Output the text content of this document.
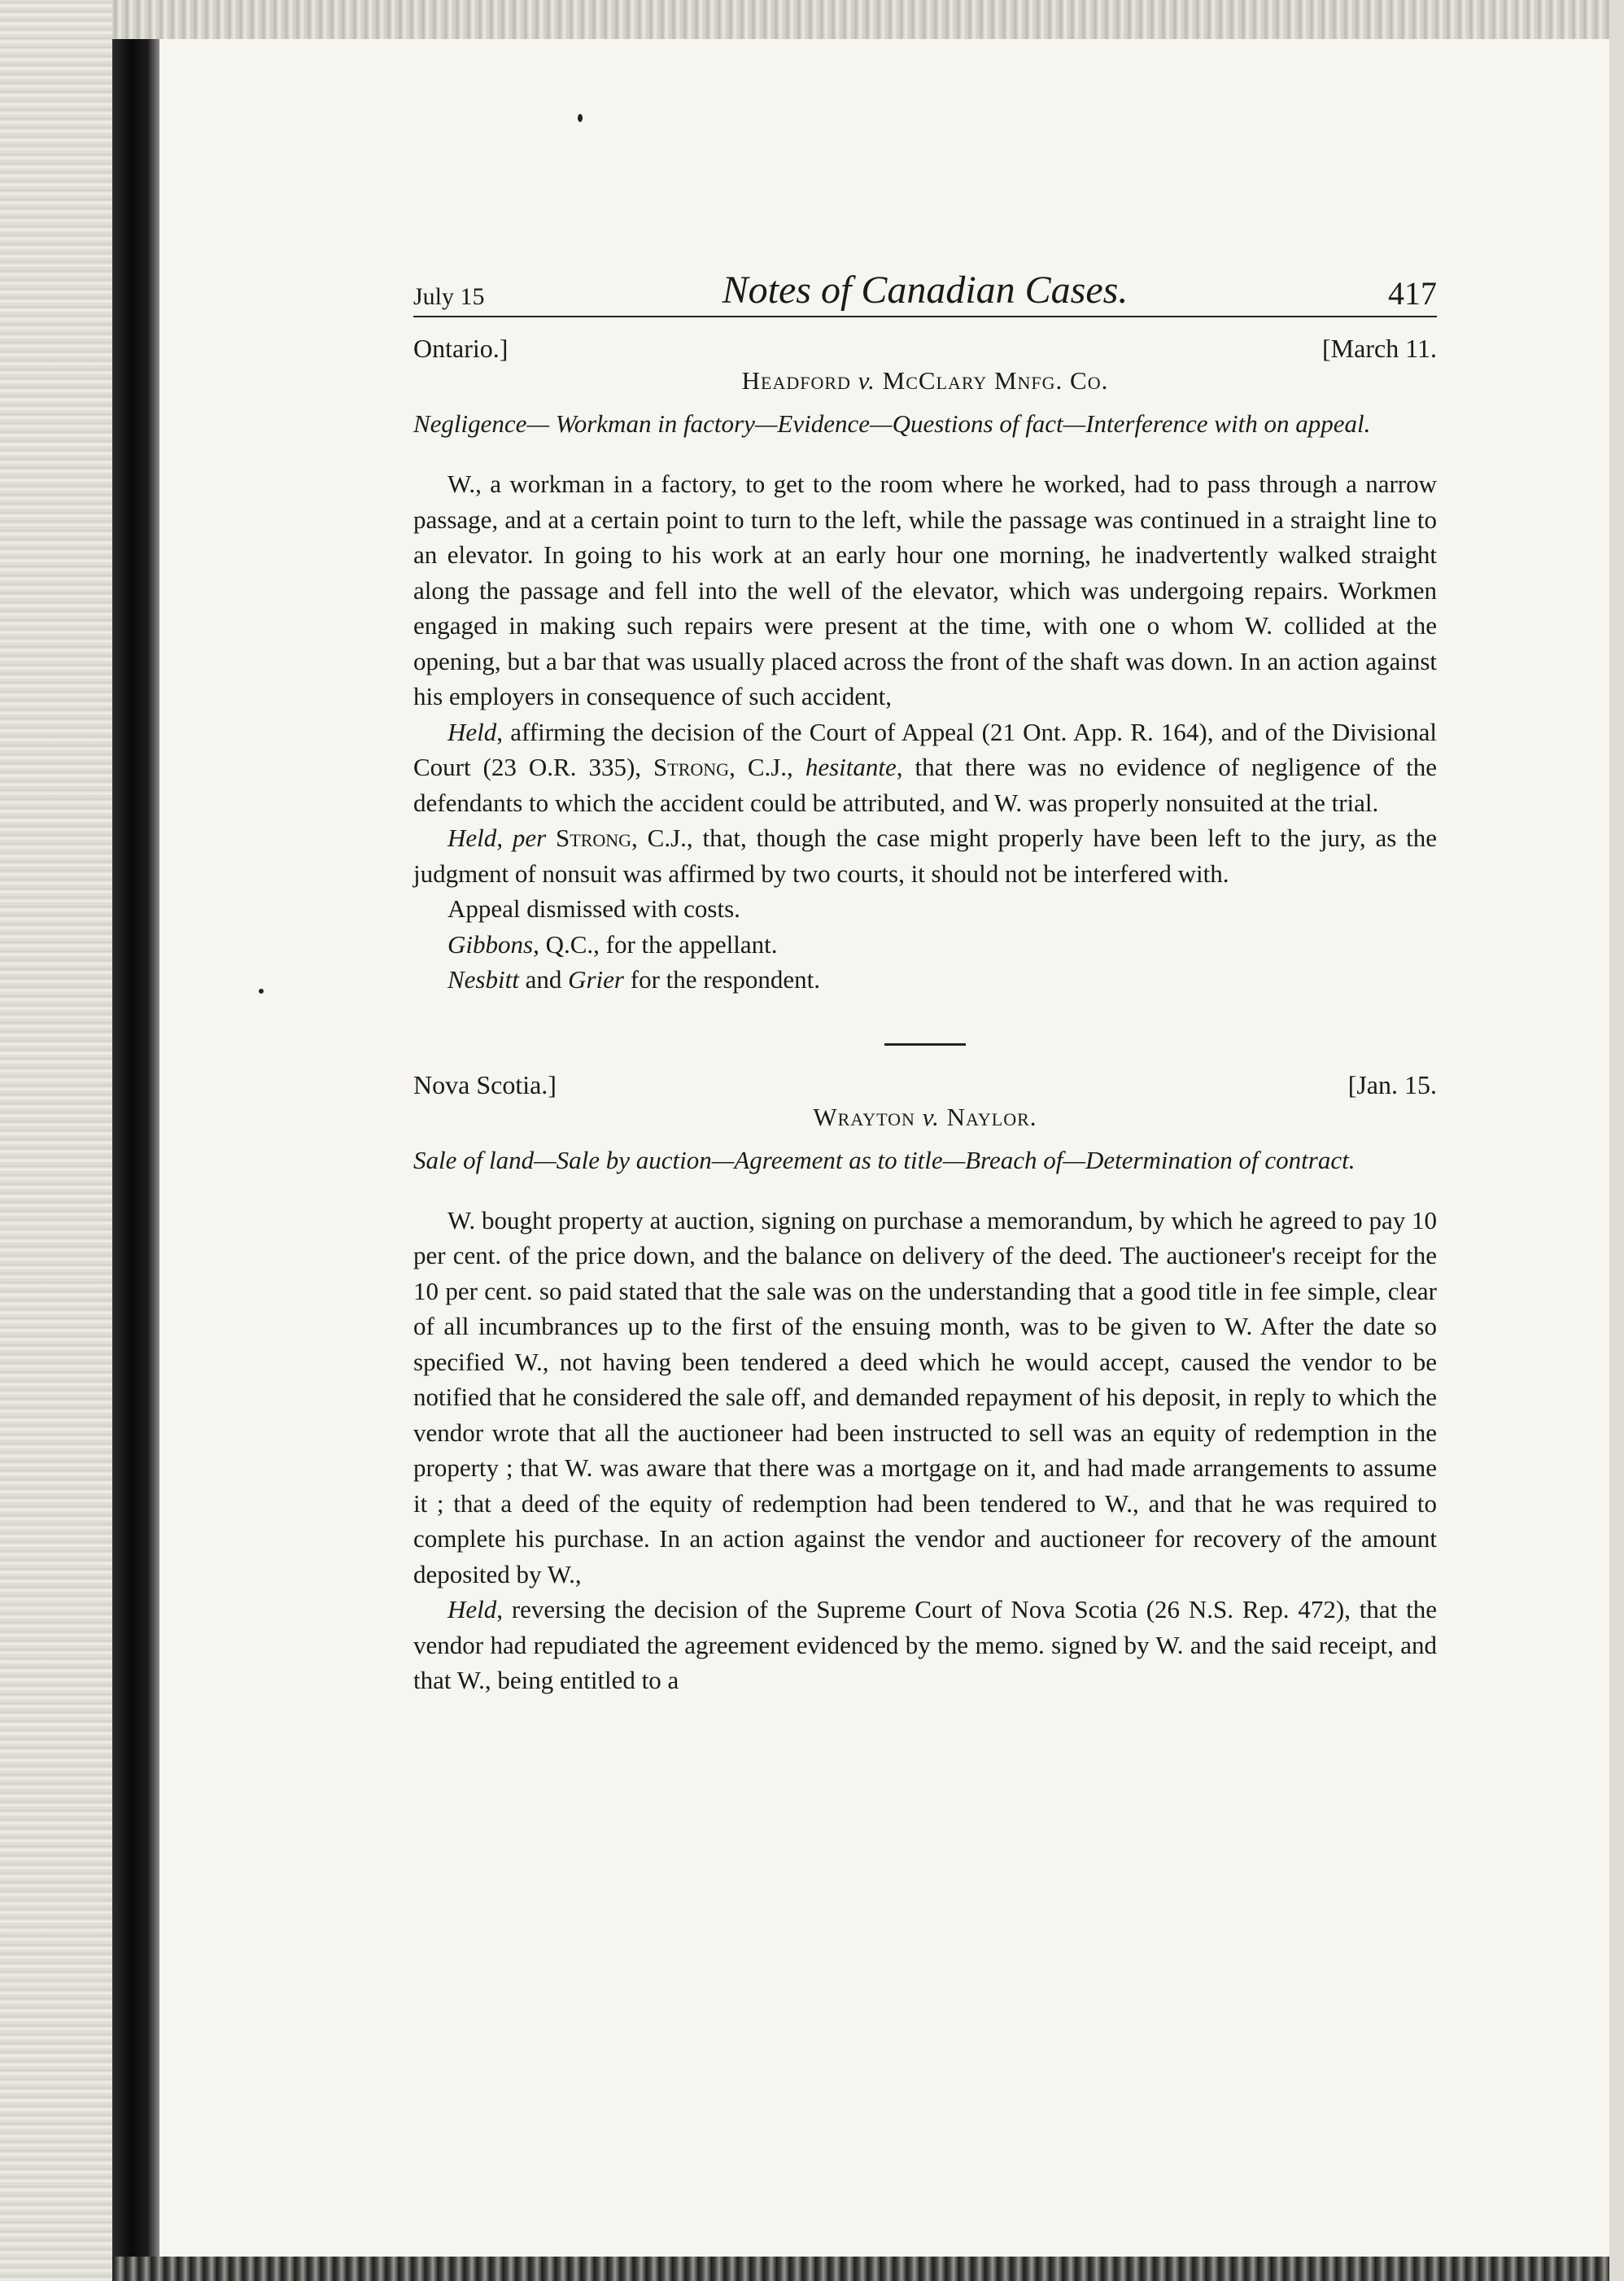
July 15	Notes of Canadian Cases.	417
Ontario.]	[March 11.
Headford v. McClary Mnfg. Co.

Negligence— Workman in factory—Evidence—Questions of fact—Interference with on appeal.

W., a workman in a factory, to get to the room where he worked, had to pass through a narrow passage, and at a certain point to turn to the left, while the passage was continued in a straight line to an elevator. In going to his work at an early hour one morning, he inadvertently walked straight along the passage and fell into the well of the elevator, which was undergoing repairs. Workmen engaged in making such repairs were present at the time, with one o whom W. collided at the opening, but a bar that was usually placed across the front of the shaft was down. In an action against his employers in consequence of such accident,

Held, affirming the decision of the Court of Appeal (21 Ont. App. R. 164), and of the Divisional Court (23 O.R. 335), Strong, C.J., hesitante, that there was no evidence of negligence of the defendants to which the accident could be attributed, and W. was properly nonsuited at the trial.

Held, per Strong, C.J., that, though the case might properly have been left to the jury, as the judgment of nonsuit was affirmed by two courts, it should not be interfered with.

Appeal dismissed with costs.

Gibbons, Q.C., for the appellant.

Nesbitt and Grier for the respondent.

Nova Scotia.]	[Jan. 15.
Wrayton v. Naylor.

Sale of land—Sale by auction—Agreement as to title—Breach of—Determination of contract.

W. bought property at auction, signing on purchase a memorandum, by which he agreed to pay 10 per cent. of the price down, and the balance on delivery of the deed. The auctioneer's receipt for the 10 per cent. so paid stated that the sale was on the understanding that a good title in fee simple, clear of all incumbrances up to the first of the ensuing month, was to be given to W. After the date so specified W., not having been tendered a deed which he would accept, caused the vendor to be notified that he considered the sale off, and demanded repayment of his deposit, in reply to which the vendor wrote that all the auctioneer had been instructed to sell was an equity of redemption in the property ; that W. was aware that there was a mortgage on it, and had made arrangements to assume it ; that a deed of the equity of redemption had been tendered to W., and that he was required to complete his purchase. In an action against the vendor and auctioneer for recovery of the amount deposited by W.,

Held, reversing the decision of the Supreme Court of Nova Scotia (26 N.S. Rep. 472), that the vendor had repudiated the agreement evidenced by the memo. signed by W. and the said receipt, and that W., being entitled to a
